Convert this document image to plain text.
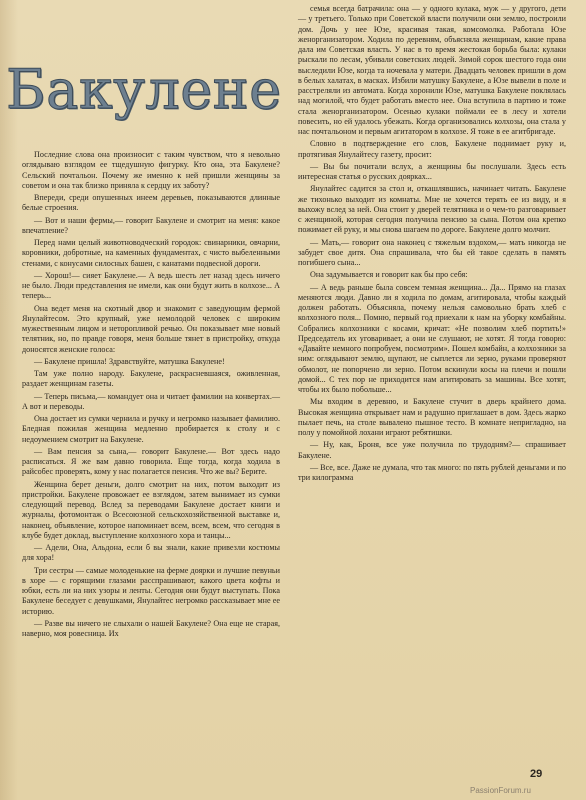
Бакулене

Последние слова она произносит с таким чувством, что я невольно оглядываю взглядом ее тщедушную фигурку. Кто она, эта Бакулене? Сельский почтальон. Почему же именно к ней пришли женщины за советом и она так близко приняла к сердцу их заботу?

Впереди, среди опушенных инеем деревьев, показываются длинные белые строения.

— Вот и наши фермы,— говорит Бакулене и смотрит на меня: какое впечатление?

Перед нами целый животноводческий городок: свинарники, овчарни, коровники, добротные, на каменных фундаментах, с чисто выбеленными стенами, с конусами силосных башен, с канатами подвесной дороги.

— Хорош!— сияет Бакулене.— А ведь шесть лет назад здесь ничего не было. Люди представления не имели, как они будут жить в колхозе... А теперь...

Она ведет меня на скотный двор и знакомит с заведующим фермой Янулайтесом. Это крупный, уже немолодой человек с широким мужественным лицом и неторопливой речью. Он показывает мне новый телятник, но, по правде говоря, меня больше тянет в пристройку, откуда доносятся женские голоса:

— Бакулене пришла! Здравствуйте, матушка Бакулене!

Там уже полно народу. Бакулене, раскрасневшаяся, оживленная, раздает женщинам газеты.

— Теперь письма,— командует она и читает фамилии на конвертах.— А вот и переводы.

Она достает из сумки чернила и ручку и негромко называет фамилию. Бледная пожилая женщина медленно пробирается к столу и с недоумением смотрит на Бакулене.

— Вам пенсия за сына,— говорит Бакулене.— Вот здесь надо расписаться. Я же вам давно говорила. Еще тогда, когда ходила в райсобес проверять, кому у нас полагается пенсия. Что же вы? Берите.

Женщина берет деньги, долго смотрит на них, потом выходит из пристройки. Бакулене провожает ее взглядом, затем вынимает из сумки следующий перевод. Вслед за переводами Бакулене достает книги и журналы, фотомонтаж о Всесоюзной сельскохозяйственной выставке и, наконец, объявление, которое напоминает всем, всем, всем, что сегодня в клубе будет доклад, выступление колхозного хора и танцы...

— Адели, Она, Альдона, если б вы знали, какие привезли костюмы для хора!

Три сестры — самые молоденькие на ферме доярки и лучшие певуньи в хоре — с горящими глазами расспрашивают, какого цвета кофты и юбки, есть ли на них узоры и ленты. Сегодня они будут выступать. Пока Бакулене беседует с девушками, Янулайтес негромко рассказывает мне ее историю.

— Разве вы ничего не слыхали о нашей Бакулене? Она еще не старая, наверно, моя ровесница. Их

семья всегда батрачила: она — у одного кулака, муж — у другого, дети — у третьего. Только при Советской власти получили они землю, построили дом. Дочь у нее Юзе, красивая такая, комсомолка. Работала Юзе женорганизатором. Ходила по деревням, объясняла женщинам, какие права дала им Советская власть. У нас в то время жестокая борьба была: кулаки рыскали по лесам, убивали советских людей. Зимой сорок шестого года они выследили Юзе, когда та ночевала у матери. Двадцать человек пришли в дом в белых халатах, в масках. Избили матушку Бакулене, а Юзе вывели в поле и расстреляли из автомата. Когда хоронили Юзе, матушка Бакулене поклялась над могилой, что будет работать вместо нее. Она вступила в партию и тоже стала женорганизатором. Осенью кулаки поймали ее в лесу и хотели повесить, но ей удалось убежать. Когда организовались колхозы, она стала у нас почтальоном и первым агитатором в колхозе. Я тоже в ее агитбригаде.

Словно в подтверждение его слов, Бакулене поднимает руку и, протягивая Янулайтесу газету, просит:

— Вы бы почитали вслух, а женщины бы послушали. Здесь есть интересная статья о русских доярках...

Янулайтес садится за стол и, откашлявшись, начинает читать. Бакулене же тихонько выходит из комнаты. Мне не хочется терять ее из виду, и я выхожу вслед за ней. Она стоит у дверей телятника и о чем-то разговаривает с женщиной, которая сегодня получила пенсию за сына. Потом она крепко пожимает ей руку, и мы снова шагаем по дороге. Бакулене долго молчит.

— Мать,— говорит она наконец с тяжелым вздохом,— мать никогда не забудет свое дитя. Она спрашивала, что бы ей такое сделать в память погибшего сына...

Она задумывается и говорит как бы про себя:

— А ведь раньше была совсем темная женщина... Да... Прямо на глазах меняются люди. Давно ли я ходила по домам, агитировала, чтобы каждый должен работать. Объясняла, почему нельзя самовольно брать хлеб с колхозного поля... Помню, первый год приехали к нам на уборку комбайны. Собрались колхозники с косами, кричат: «Не позволим хлеб портить!» Председатель их уговаривает, а они не слушают, не хотят. Я тогда говорю: «Давайте немного попробуем, посмотрим». Пошел комбайн, а колхозники за ним: оглядывают землю, щупают, не сыплется ли зерно, руками проверяют обмолот, не попорчено ли зерно. Потом вскинули косы на плечи и пошли домой... С тех пор не приходится нам агитировать за машины. Все хотят, чтобы их было побольше...

Мы входим в деревню, и Бакулене стучит в дверь крайнего дома. Высокая женщина открывает нам и радушно приглашает в дом. Здесь жарко пылает печь, на столе вывалено пышное тесто. В комнате непригладно, на полу у помойной лохани играют ребятишки.

— Ну, как, Броня, все уже получила по трудодням?— спрашивает Бакулене.

— Все, все. Даже не думала, что так много: по пять рублей деньгами и по три килограмма

29
PassionForum.ru
